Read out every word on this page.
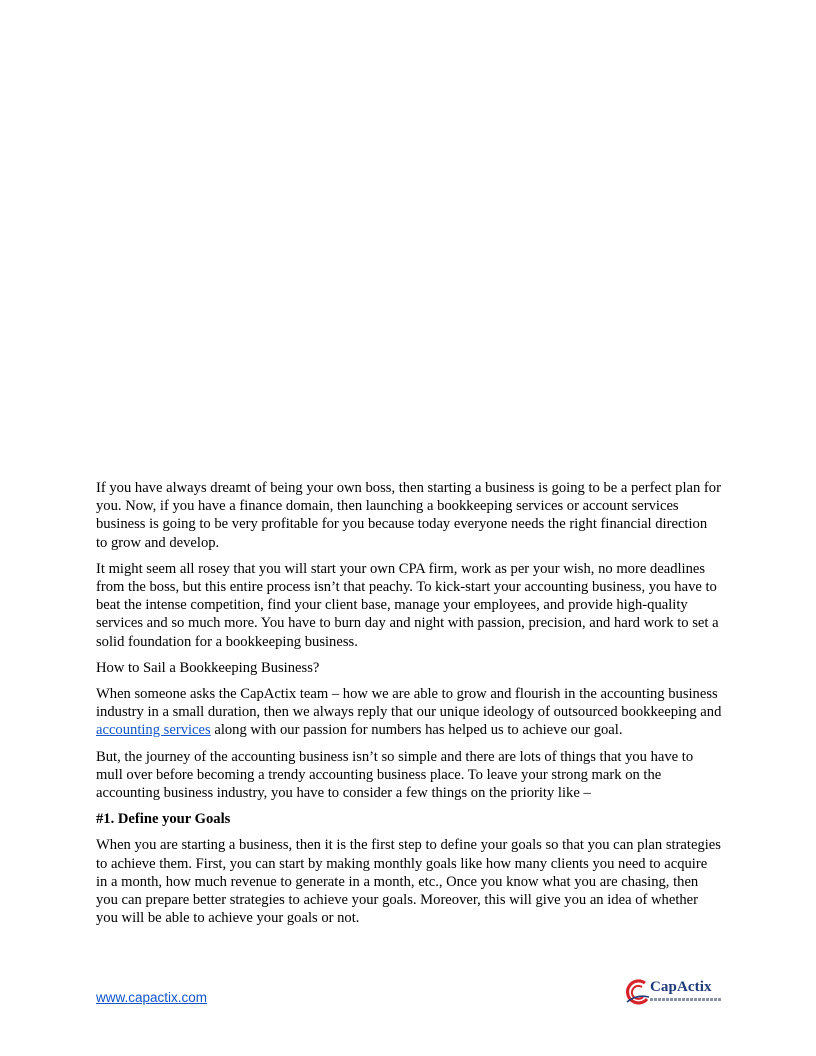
If you have always dreamt of being your own boss, then starting a business is going to be a perfect plan for you. Now, if you have a finance domain, then launching a bookkeeping services or account services business is going to be very profitable for you because today everyone needs the right financial direction to grow and develop.

It might seem all rosey that you will start your own CPA firm, work as per your wish, no more deadlines from the boss, but this entire process isn’t that peachy. To kick-start your accounting business, you have to beat the intense competition, find your client base, manage your employees, and provide high-quality services and so much more. You have to burn day and night with passion, precision, and hard work to set a solid foundation for a bookkeeping business.

How to Sail a Bookkeeping Business?

When someone asks the CapActix team – how we are able to grow and flourish in the accounting business industry in a small duration, then we always reply that our unique ideology of outsourced bookkeeping and accounting services along with our passion for numbers has helped us to achieve our goal.

But, the journey of the accounting business isn’t so simple and there are lots of things that you have to mull over before becoming a trendy accounting business place. To leave your strong mark on the accounting business industry, you have to consider a few things on the priority like –

#1. Define your Goals

When you are starting a business, then it is the first step to define your goals so that you can plan strategies to achieve them. First, you can start by making monthly goals like how many clients you need to acquire in a month, how much revenue to generate in a month, etc., Once you know what you are chasing, then you can prepare better strategies to achieve your goals. Moreover, this will give you an idea of whether you will be able to achieve your goals or not.

www.capactix.com
CapActix
